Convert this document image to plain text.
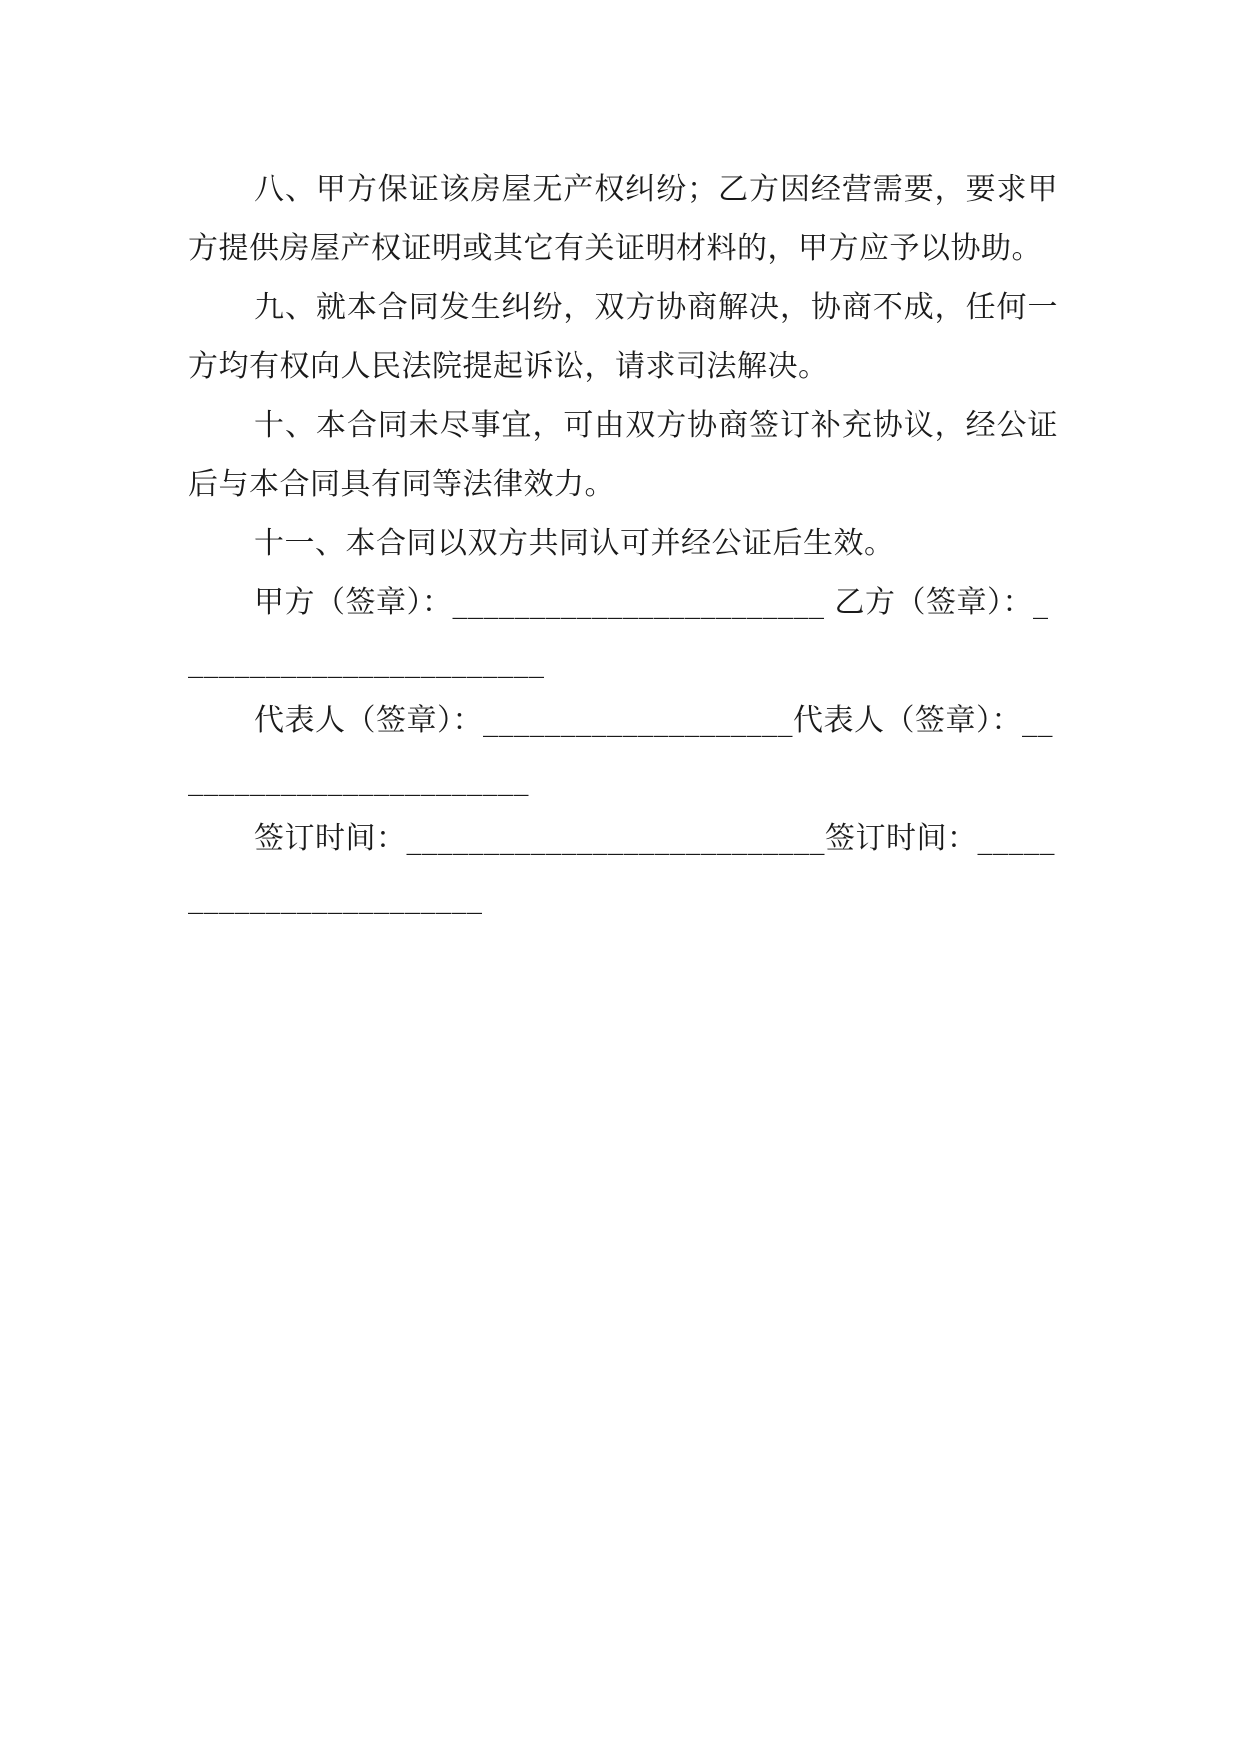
八、甲方保证该房屋无产权纠纷；乙方因经营需要，要求甲方提供房屋产权证明或其它有关证明材料的，甲方应予以协助。

九、就本合同发生纠纷，双方协商解决，协商不成，任何一方均有权向人民法院提起诉讼，请求司法解决。

十、本合同未尽事宜，可由双方协商签订补充协议，经公证后与本合同具有同等法律效力。

十一、本合同以双方共同认可并经公证后生效。

甲方（签章）：________________________ 乙方（签章）：________________________

代表人（签章）：____________________代表人（签章）：________________________

签订时间：___________________________签订时间：________________________
